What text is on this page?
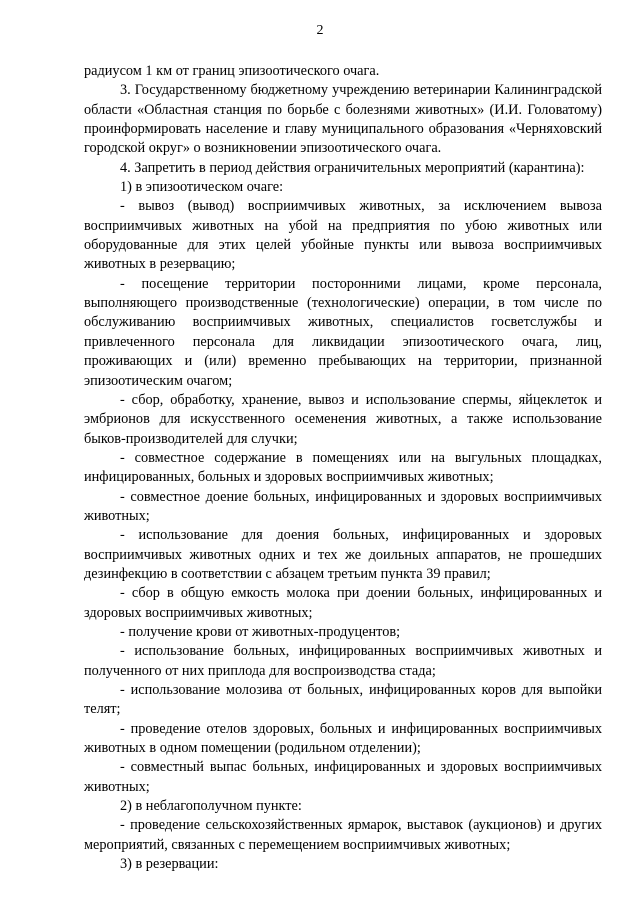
2

радиусом 1 км от границ эпизоотического очага.

3. Государственному бюджетному учреждению ветеринарии Калининградской области «Областная станция по борьбе с болезнями животных» (И.И. Головатому) проинформировать население и главу муниципального образования «Черняховский городской округ» о возникновении эпизоотического очага.

4. Запретить в период действия ограничительных мероприятий (карантина):

1) в эпизоотическом очаге:

- вывоз (вывод) восприимчивых животных, за исключением вывоза восприимчивых животных на убой на предприятия по убою животных или оборудованные для этих целей убойные пункты или вывоза восприимчивых животных в резервацию;

- посещение территории посторонними лицами, кроме персонала, выполняющего производственные (технологические) операции, в том числе по обслуживанию восприимчивых животных, специалистов госветслужбы и привлеченного персонала для ликвидации эпизоотического очага, лиц, проживающих и (или) временно пребывающих на территории, признанной эпизоотическим очагом;

- сбор, обработку, хранение, вывоз и использование спермы, яйцеклеток и эмбрионов для искусственного осеменения животных, а также использование быков-производителей для случки;

- совместное содержание в помещениях или на выгульных площадках, инфицированных, больных и здоровых восприимчивых животных;

- совместное доение больных, инфицированных и здоровых восприимчивых животных;

- использование для доения больных, инфицированных и здоровых восприимчивых животных одних и тех же доильных аппаратов, не прошедших дезинфекцию в соответствии с абзацем третьим пункта 39 правил;

- сбор в общую емкость молока при доении больных, инфицированных и здоровых восприимчивых животных;

- получение крови от животных-продуцентов;

- использование больных, инфицированных восприимчивых животных и полученного от них приплода для воспроизводства стада;

- использование молозива от больных, инфицированных коров для выпойки телят;

- проведение отелов здоровых, больных и инфицированных восприимчивых животных в одном помещении (родильном отделении);

- совместный выпас больных, инфицированных и здоровых восприимчивых животных;

2) в неблагополучном пункте:

- проведение сельскохозяйственных ярмарок, выставок (аукционов) и других мероприятий, связанных с перемещением восприимчивых животных;

3) в резервации:
